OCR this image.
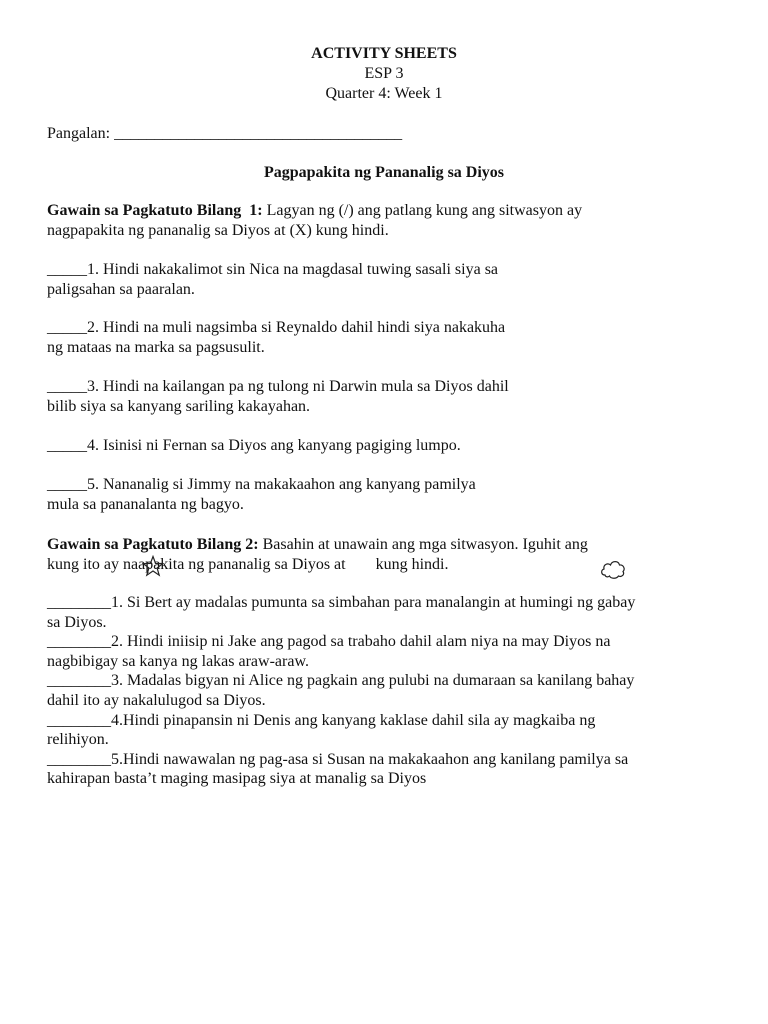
ACTIVITY SHEETS
ESP 3
Quarter 4: Week 1
Pangalan: ____________________________________
Pagpapakita ng Pananalig sa Diyos
Gawain sa Pagkatuto Bilang  1: Lagyan ng (/) ang patlang kung ang sitwasyon ay
nagpapakita ng pananalig sa Diyos at (X) kung hindi.
_____1. Hindi nakakalimot sin Nica na magdasal tuwing sasali siya sa
paligsahan sa paaralan.
_____2. Hindi na muli nagsimba si Reynaldo dahil hindi siya nakakuha
ng mataas na marka sa pagsusulit.
_____3. Hindi na kailangan pa ng tulong ni Darwin mula sa Diyos dahil
bilib siya sa kanyang sariling kakayahan.
_____4. Isinisi ni Fernan sa Diyos ang kanyang pagiging lumpo.
_____5. Nananalig si Jimmy na makakaahon ang kanyang pamilya
mula sa pananalanta ng bagyo.
Gawain sa Pagkatuto Bilang 2: Basahin at unawain ang mga sitwasyon. Iguhit ang
kung ito ay naapakita ng pananalig sa Diyos at kung hindi.
________1. Si Bert ay madalas pumunta sa simbahan para manalangin at humingi ng gabay
sa Diyos.
________2. Hindi iniisip ni Jake ang pagod sa trabaho dahil alam niya na may Diyos na
nagbibigay sa kanya ng lakas araw-araw.
________3. Madalas bigyan ni Alice ng pagkain ang pulubi na dumaraan sa kanilang bahay
dahil ito ay nakalulugod sa Diyos.
________4.Hindi pinapansin ni Denis ang kanyang kaklase dahil sila ay magkaiba ng
relihiyon.
________5.Hindi nawawalan ng pag-asa si Susan na makakaahon ang kanilang pamilya sa
kahirapan basta’t maging masipag siya at manalig sa Diyos
